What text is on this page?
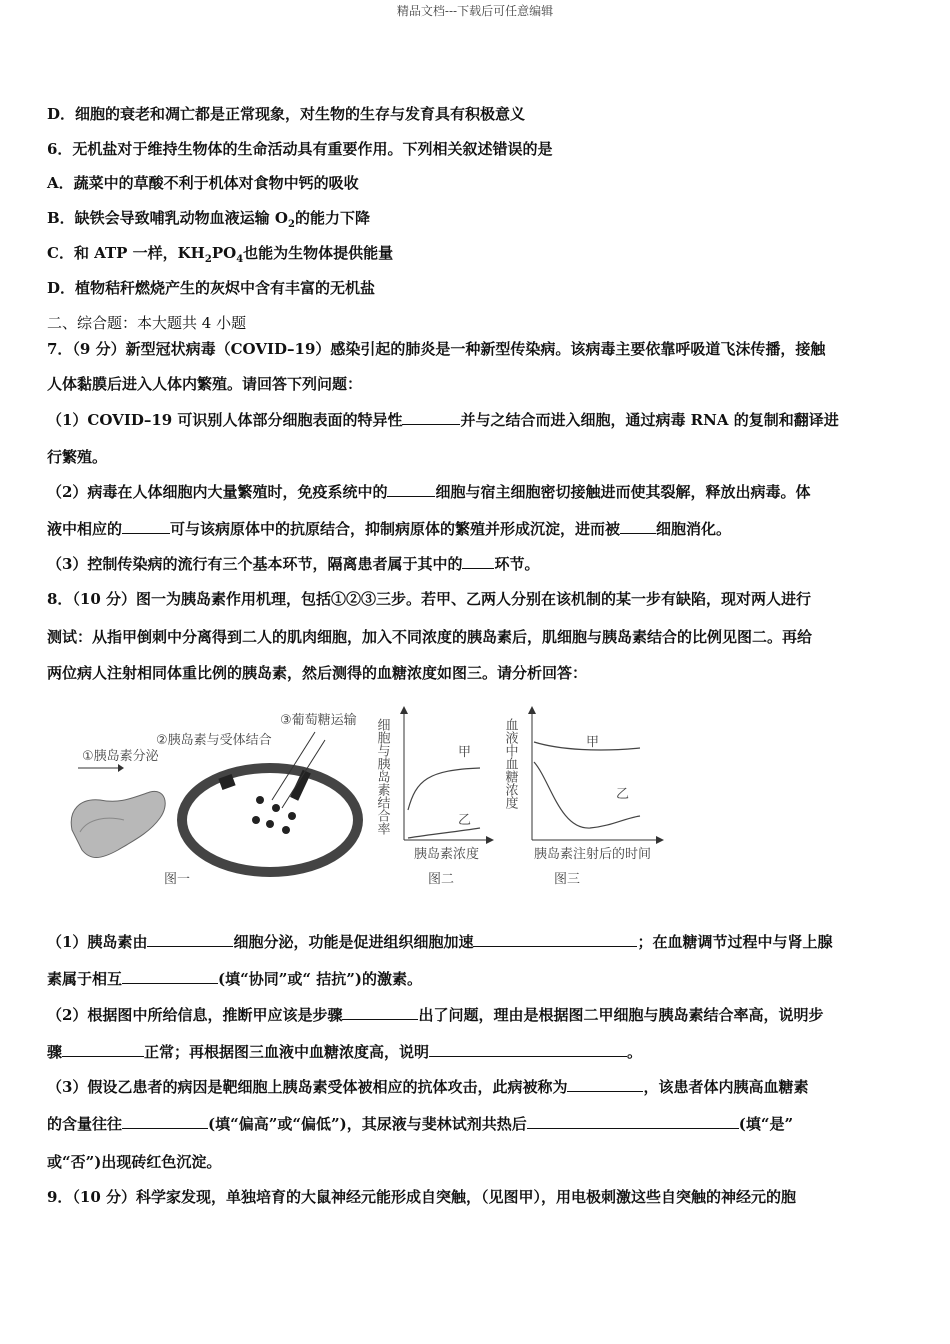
精品文档---下载后可任意编辑
D．细胞的衰老和凋亡都是正常现象，对生物的生存与发育具有积极意义
6．无机盐对于维持生物体的生命活动具有重要作用。下列相关叙述错误的是
A．蔬菜中的草酸不利于机体对食物中钙的吸收
B．缺铁会导致哺乳动物血液运输 $O_2$的能力下降
C．和 ATP 一样，$KH_2PO_4$也能为生物体提供能量
D．植物秸秆燃烧产生的灰烬中含有丰富的无机盐
二、综合题：本大题共 4 小题
7．（9 分）新型冠状病毒（COVID–19）感染引起的肺炎是一种新型传染病。该病毒主要依靠呼吸道飞沫传播，接触
人体黏膜后进入人体内繁殖。请回答下列问题：
（1）COVID–19 可识别人体部分细胞表面的特异性	并与之结合而进入细胞，通过病毒 RNA 的复制和翻译进
行繁殖。
（2）病毒在人体细胞内大量繁殖时，免疫系统中的	细胞与宿主细胞密切接触进而使其裂解，释放出病毒。体
液中相应的	可与该病原体中的抗原结合，抑制病原体的繁殖并形成沉淀，进而被 细胞消化。
（3）控制传染病的流行有三个基本环节，隔离患者属于其中的 环节。
8．（10 分）图一为胰岛素作用机理，包括①②③三步。若甲、乙两人分别在该机制的某一步有缺陷，现对两人进行
测试：从指甲倒刺中分离得到二人的肌肉细胞，加入不同浓度的胰岛素后，肌细胞与胰岛素结合的比例见图二。再给
两位病人注射相同体重比例的胰岛素，然后测得的血糖浓度如图三。请分析回答：
①胰岛素分泌
②胰岛素与受体结合
③葡萄糖运输
图一
细胞与胰岛素结合率	甲
乙
胰岛素浓度
图二
血液中血糖浓度	甲
乙
胰岛素注射后的时间
图三
（1）胰岛素由	细胞分泌，功能是促进组织细胞加速	；在血糖调节过程中与肾上腺
素属于相互	(填“协同”或“ 拮抗”)的激素。
（2）根据图中所给信息，推断甲应该是步骤	出了问题，理由是根据图二甲细胞与胰岛素结合率高，说明步
骤	正常；再根据图三血液中血糖浓度高，说明	。
（3）假设乙患者的病因是靶细胞上胰岛素受体被相应的抗体攻击，此病被称为	，该患者体内胰高血糖素
的含量往往	(填“偏高”或“偏低”)，其尿液与斐林试剂共热后	(填“是”
或“否”)出现砖红色沉淀。
9．（10 分）科学家发现，单独培育的大鼠神经元能形成自突触，（见图甲），用电极刺激这些自突触的神经元的胞
